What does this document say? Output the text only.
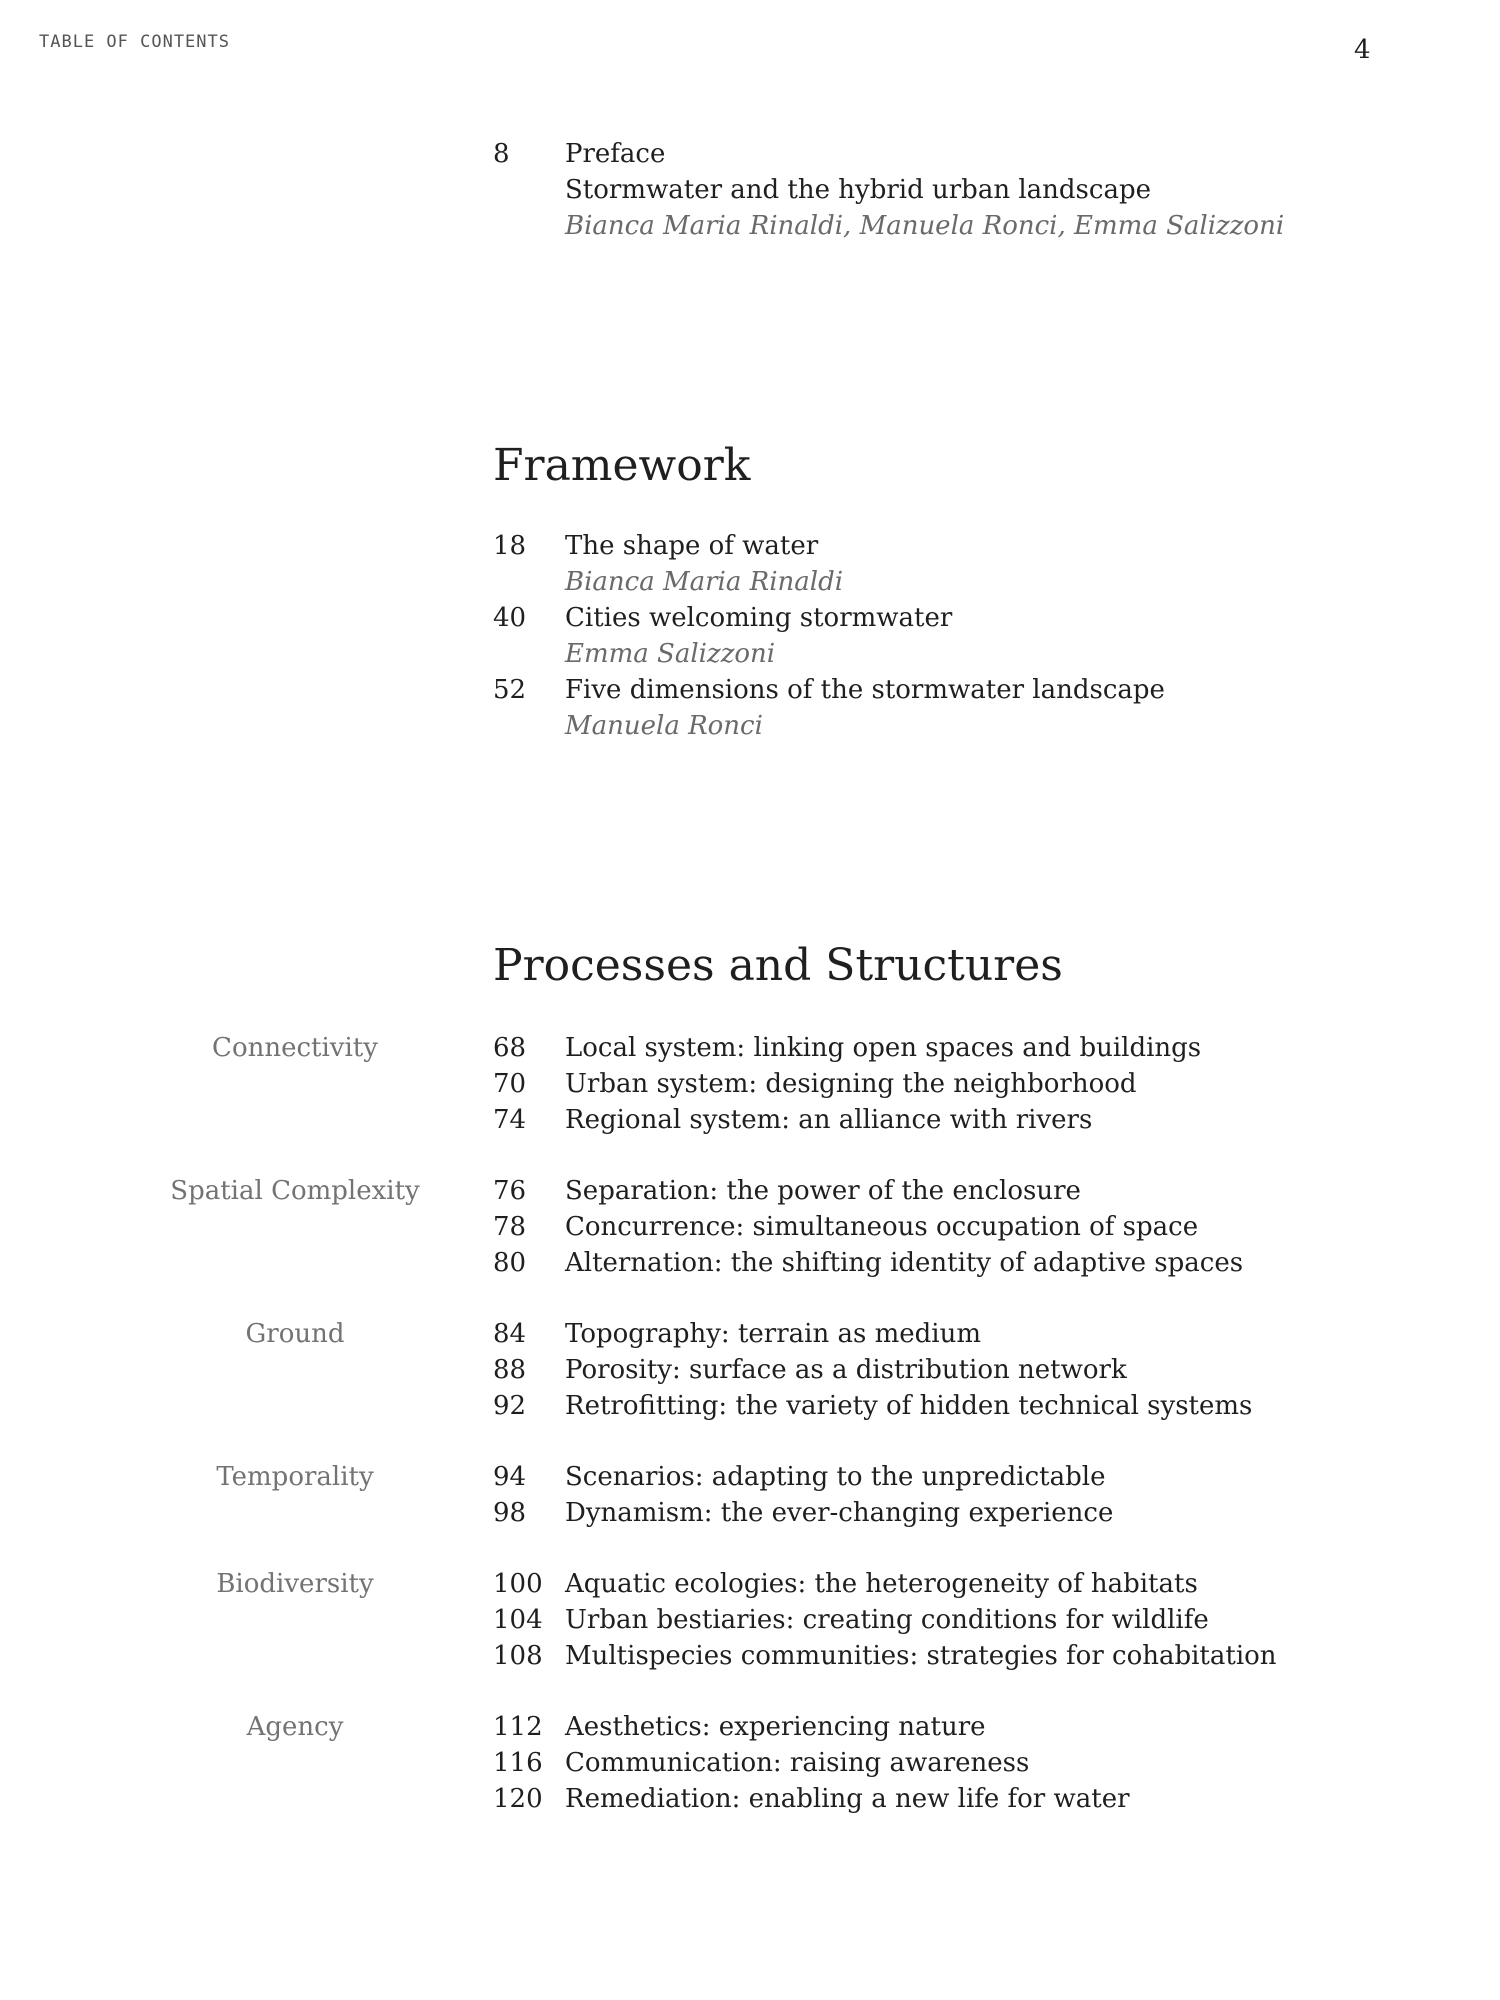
TABLE OF CONTENTS	4
8	Preface
Stormwater and the hybrid urban landscape
Bianca Maria Rinaldi, Manuela Ronci, Emma Salizzoni
Framework
18	The shape of water
Bianca Maria Rinaldi
40	Cities welcoming stormwater
Emma Salizzoni
52	Five dimensions of the stormwater landscape
Manuela Ronci
Processes and Structures
Connectivity	68	Local system: linking open spaces and buildings
70	Urban system: designing the neighborhood
74	Regional system: an alliance with rivers
Spatial Complexity	76	Separation: the power of the enclosure
78	Concurrence: simultaneous occupation of space
80	Alternation: the shifting identity of adaptive spaces
Ground	84	Topography: terrain as medium
88	Porosity: surface as a distribution network
92	Retrofitting: the variety of hidden technical systems
Temporality	94	Scenarios: adapting to the unpredictable
98	Dynamism: the ever-changing experience
Biodiversity	100 Aquatic ecologies: the heterogeneity of habitats
104 Urban bestiaries: creating conditions for wildlife
108 Multispecies communities: strategies for cohabitation
Agency	112 Aesthetics: experiencing nature
116 Communication: raising awareness
120 Remediation: enabling a new life for water
